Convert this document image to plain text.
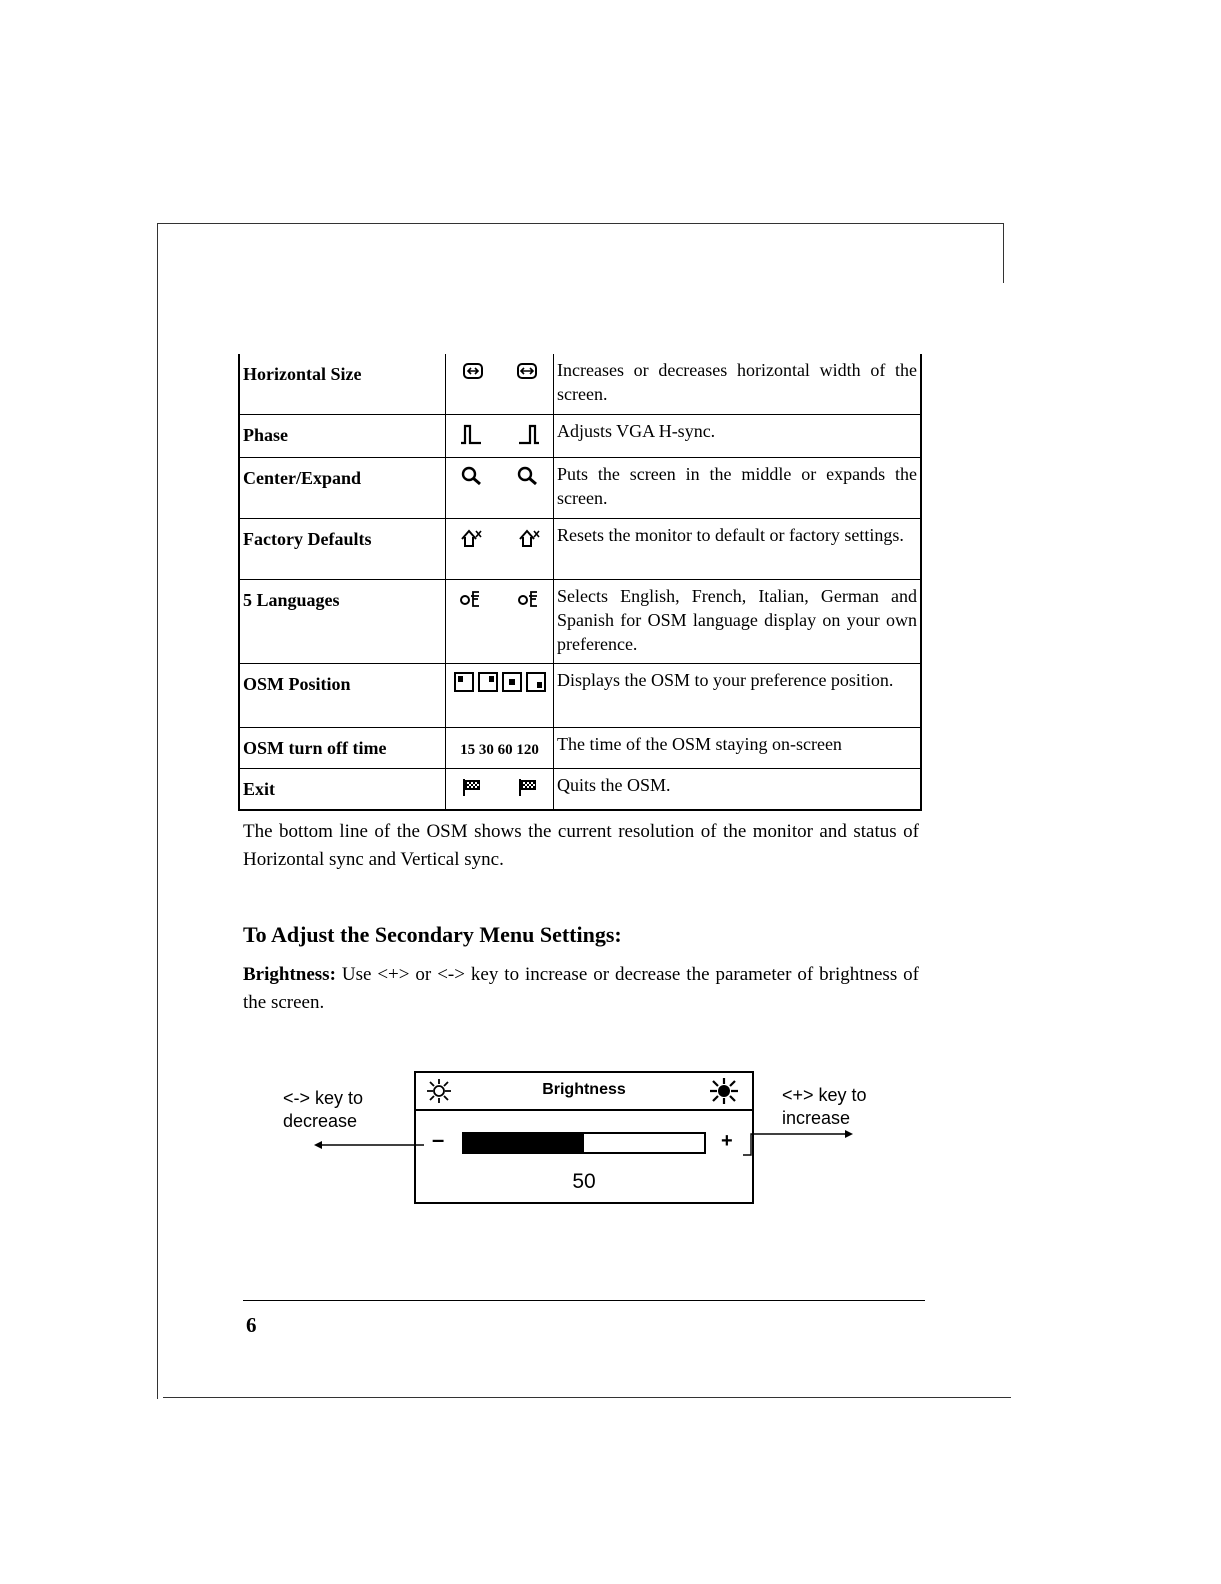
Horizontal Size		Increases or decreases horizontal width of the screen.
Phase		Adjusts VGA H-sync.
Center/Expand		Puts the screen in the middle or expands the screen.
Factory Defaults		Resets the monitor to default or factory settings.
5 Languages		Selects English, French, Italian, German and Spanish for OSM language display on your own preference.
OSM Position		Displays the OSM to your preference position.
OSM turn off time	15 30 60 120	The time of the OSM staying on-screen
Exit		Quits the OSM.

The bottom line of the OSM shows the current resolution of the monitor and status of Horizontal sync and Vertical sync.

To Adjust the Secondary Menu Settings:

Brightness: Use <+> or <-> key to increase or decrease the parameter of brightness of the screen.

<-> key to
decrease
<+> key to
increase
Brightness
–	+
50
6
